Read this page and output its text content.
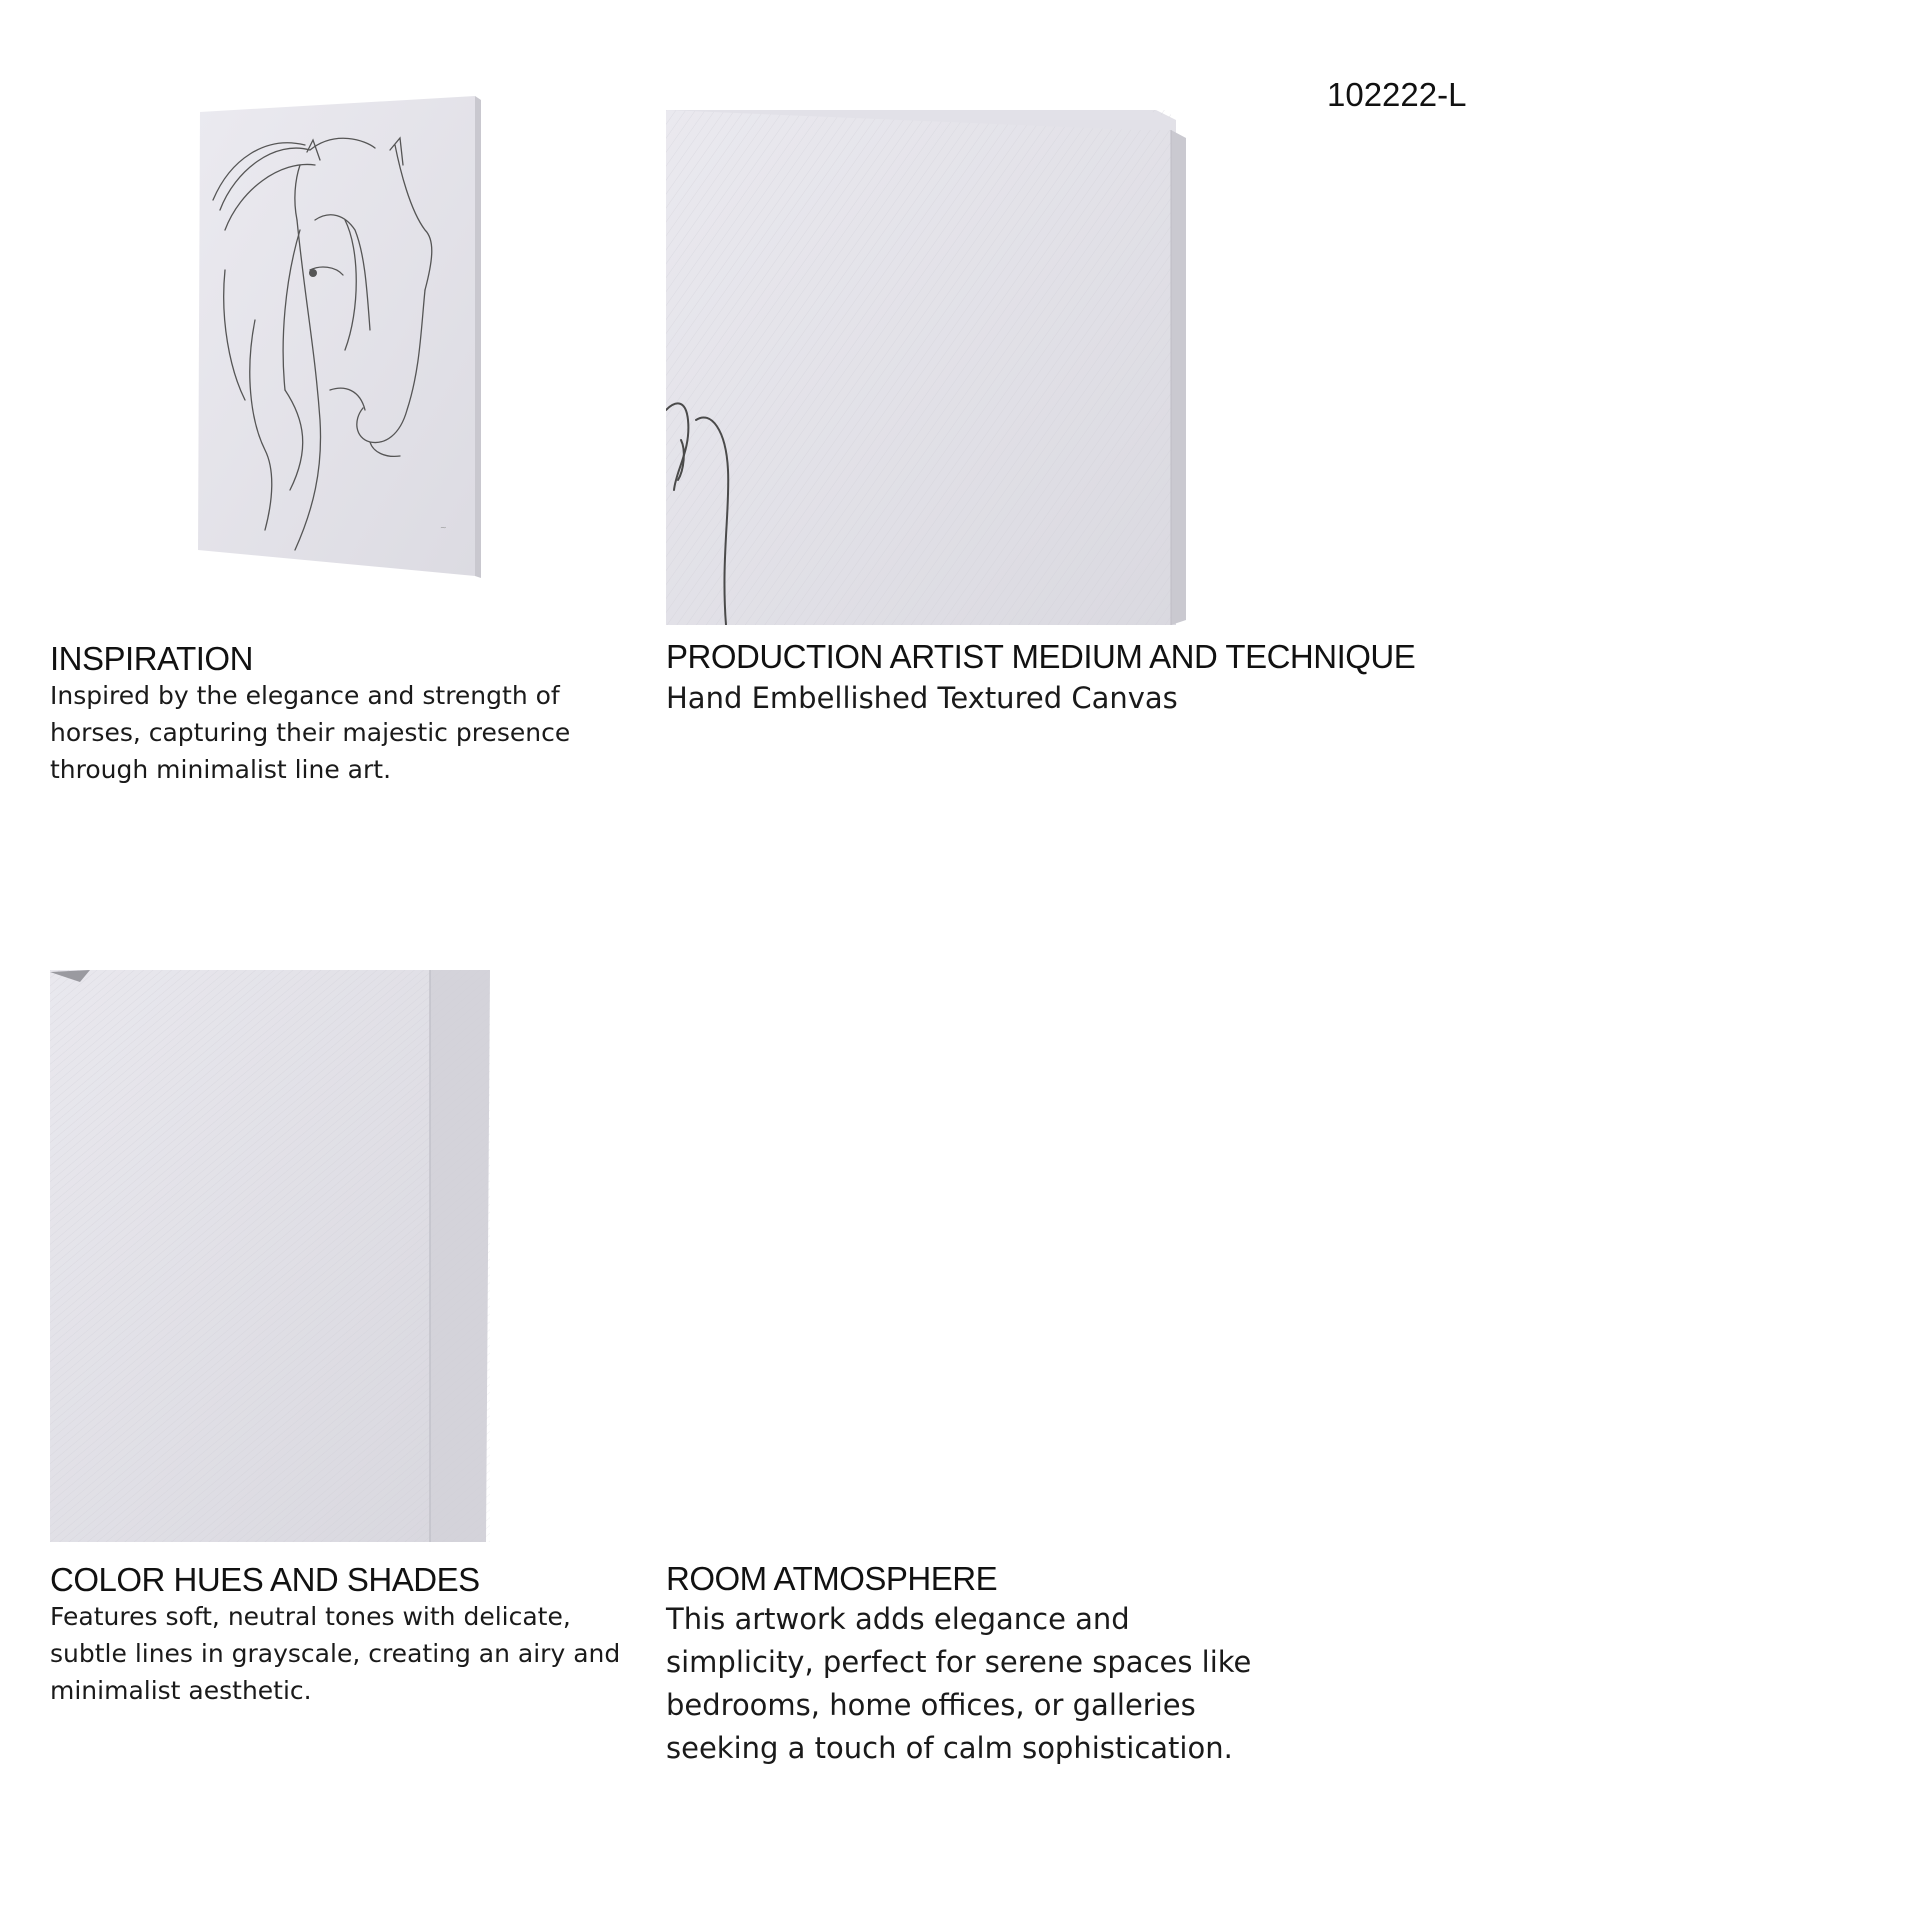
102222-L
~
INSPIRATION
Inspired by the elegance and strength of
horses, capturing their majestic presence
through minimalist line art.
PRODUCTION ARTIST MEDIUM AND TECHNIQUE
Hand Embellished Textured Canvas
COLOR HUES AND SHADES
Features soft, neutral tones with delicate,
subtle lines in grayscale, creating an airy and
minimalist aesthetic.
ROOM ATMOSPHERE
This artwork adds elegance and
simplicity, perfect for serene spaces like
bedrooms, home offices, or galleries
seeking a touch of calm sophistication.
